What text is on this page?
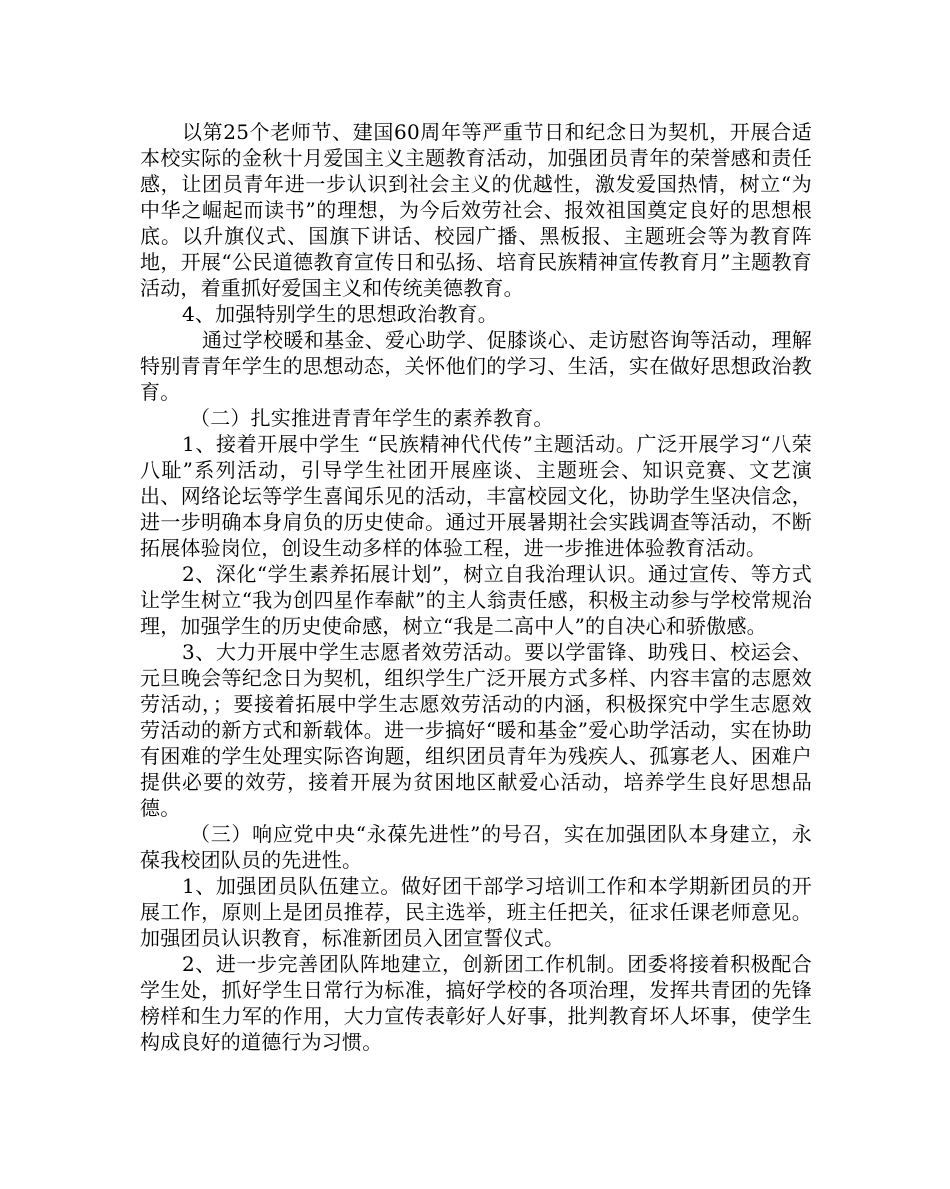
以第25个老师节、建国60周年等严重节日和纪念日为契机，开展合适本校实际的金秋十月爱国主义主题教育活动，加强团员青年的荣誉感和责任感，让团员青年进一步认识到社会主义的优越性，激发爱国热情，树立“为中华之崛起而读书”的理想，为今后效劳社会、报效祖国奠定良好的思想根底。以升旗仪式、国旗下讲话、校园广播、黑板报、主题班会等为教育阵地，开展“公民道德教育宣传日和弘扬、培育民族精神宣传教育月”主题教育活动，着重抓好爱国主义和传统美德教育。

4、加强特别学生的思想政治教育。

通过学校暖和基金、爱心助学、促膝谈心、走访慰咨询等活动，理解特别青青年学生的思想动态，关怀他们的学习、生活，实在做好思想政治教育。

（二）扎实推进青青年学生的素养教育。

1、接着开展中学生 “民族精神代代传”主题活动。广泛开展学习“八荣八耻”系列活动，引导学生社团开展座谈、主题班会、知识竞赛、文艺演出、网络论坛等学生喜闻乐见的活动，丰富校园文化，协助学生坚决信念，进一步明确本身肩负的历史使命。通过开展暑期社会实践调查等活动，不断拓展体验岗位，创设生动多样的体验工程，进一步推进体验教育活动。

2、深化“学生素养拓展计划”，树立自我治理认识。通过宣传、等方式让学生树立“我为创四星作奉献”的主人翁责任感，积极主动参与学校常规治理，加强学生的历史使命感，树立“我是二高中人”的自决心和骄傲感。

3、大力开展中学生志愿者效劳活动。要以学雷锋、助残日、校运会、元旦晚会等纪念日为契机，组织学生广泛开展方式多样、内容丰富的志愿效劳活动，；要接着拓展中学生志愿效劳活动的内涵，积极探究中学生志愿效劳活动的新方式和新载体。进一步搞好“暖和基金”爱心助学活动，实在协助有困难的学生处理实际咨询题，组织团员青年为残疾人、孤寡老人、困难户提供必要的效劳，接着开展为贫困地区献爱心活动，培养学生良好思想品德。

（三）响应党中央“永葆先进性”的号召，实在加强团队本身建立，永葆我校团队员的先进性。

1、加强团员队伍建立。做好团干部学习培训工作和本学期新团员的开展工作，原则上是团员推荐，民主选举，班主任把关，征求任课老师意见。加强团员认识教育，标准新团员入团宣誓仪式。

2、进一步完善团队阵地建立，创新团工作机制。团委将接着积极配合学生处，抓好学生日常行为标准，搞好学校的各项治理，发挥共青团的先锋榜样和生力军的作用，大力宣传表彰好人好事，批判教育坏人坏事，使学生构成良好的道德行为习惯。
